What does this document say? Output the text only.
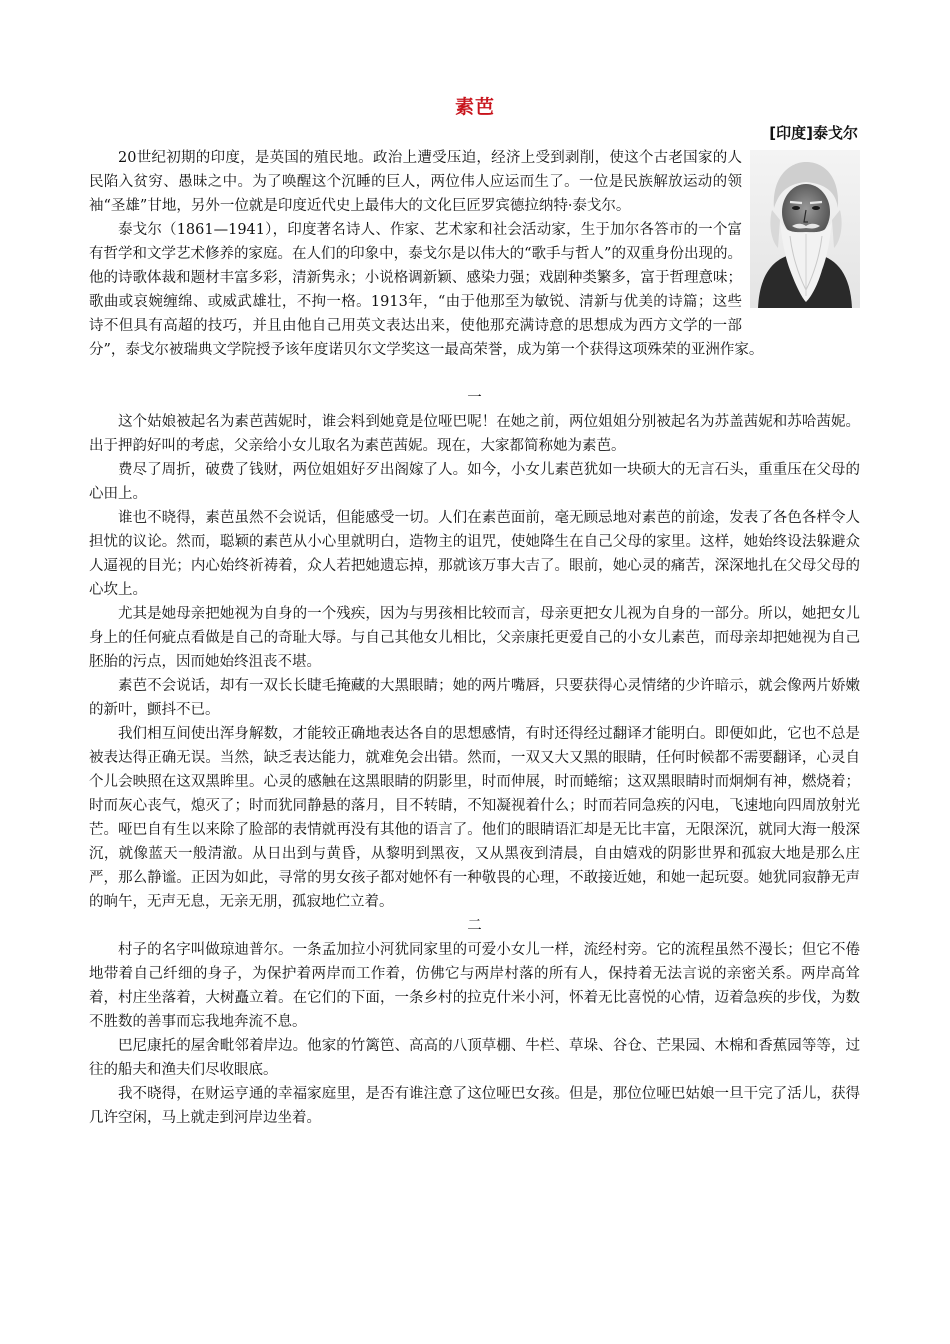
素芭
[印度]泰戈尔

20世纪初期的印度，是英国的殖民地。政治上遭受压迫，经济上受到剥削，使这个古老国家的人民陷入贫穷、愚昧之中。为了唤醒这个沉睡的巨人，两位伟人应运而生了。一位是民族解放运动的领袖“圣雄”甘地，另外一位就是印度近代史上最伟大的文化巨匠罗宾德拉纳特·泰戈尔。

泰戈尔（1861—1941），印度著名诗人、作家、艺术家和社会活动家，生于加尔各答市的一个富有哲学和文学艺术修养的家庭。在人们的印象中，泰戈尔是以伟大的“歌手与哲人”的双重身份出现的。他的诗歌体裁和题材丰富多彩，清新隽永；小说格调新颖、感染力强；戏剧种类繁多，富于哲理意味；歌曲或哀婉缠绵、或威武雄壮，不拘一格。1913年，“由于他那至为敏锐、清新与优美的诗篇；这些诗不但具有高超的技巧，并且由他自己用英文表达出来，使他那充满诗意的思想成为西方文学的一部分”，泰戈尔被瑞典文学院授予该年度诺贝尔文学奖这一最高荣誉，成为第一个获得这项殊荣的亚洲作家。

一

这个姑娘被起名为素芭茜妮时，谁会料到她竟是位哑巴呢！在她之前，两位姐姐分别被起名为苏盖茜妮和苏哈茜妮。出于押韵好叫的考虑，父亲给小女儿取名为素芭茜妮。现在，大家都简称她为素芭。

费尽了周折，破费了钱财，两位姐姐好歹出阁嫁了人。如今，小女儿素芭犹如一块硕大的无言石头，重重压在父母的心田上。

谁也不晓得，素芭虽然不会说话，但能感受一切。人们在素芭面前，毫无顾忌地对素芭的前途，发表了各色各样令人担忧的议论。然而，聪颖的素芭从小心里就明白，造物主的诅咒，使她降生在自己父母的家里。这样，她始终设法躲避众人逼视的目光；内心始终祈祷着，众人若把她遗忘掉，那就该万事大吉了。眼前，她心灵的痛苦，深深地扎在父母父母的心坎上。

尤其是她母亲把她视为自身的一个残疾，因为与男孩相比较而言，母亲更把女儿视为自身的一部分。所以，她把女儿身上的任何疵点看做是自己的奇耻大辱。与自己其他女儿相比，父亲康托更爱自己的小女儿素芭，而母亲却把她视为自己胚胎的污点，因而她始终沮丧不堪。

素芭不会说话，却有一双长长睫毛掩藏的大黑眼睛；她的两片嘴唇，只要获得心灵情绪的少许暗示，就会像两片娇嫩的新叶，颤抖不已。

我们相互间使出浑身解数，才能较正确地表达各自的思想感情，有时还得经过翻译才能明白。即便如此，它也不总是被表达得正确无误。当然，缺乏表达能力，就难免会出错。然而，一双又大又黑的眼睛，任何时候都不需要翻译，心灵自个儿会映照在这双黑眸里。心灵的感触在这黑眼睛的阴影里，时而伸展，时而蜷缩；这双黑眼睛时而炯炯有神，燃烧着；时而灰心丧气，熄灭了；时而犹同静悬的落月，目不转睛，不知凝视着什么；时而若同急疾的闪电，飞速地向四周放射光芒。哑巴自有生以来除了脸部的表情就再没有其他的语言了。他们的眼睛语汇却是无比丰富，无限深沉，就同大海一般深沉，就像蓝天一般清澈。从日出到与黄昏，从黎明到黑夜，又从黑夜到清晨，自由嬉戏的阴影世界和孤寂大地是那么庄严，那么静谧。正因为如此，寻常的男女孩子都对她怀有一种敬畏的心理，不敢接近她，和她一起玩耍。她犹同寂静无声的晌午，无声无息，无亲无朋，孤寂地伫立着。

二

村子的名字叫做琼迪普尔。一条孟加拉小河犹同家里的可爱小女儿一样，流经村旁。它的流程虽然不漫长；但它不倦地带着自己纤细的身子，为保护着两岸而工作着，仿佛它与两岸村落的所有人，保持着无法言说的亲密关系。两岸高耸着，村庄坐落着，大树矗立着。在它们的下面，一条乡村的拉克什米小河，怀着无比喜悦的心情，迈着急疾的步伐，为数不胜数的善事而忘我地奔流不息。

巴尼康托的屋舍毗邻着岸边。他家的竹篱笆、高高的八顶草棚、牛栏、草垛、谷仓、芒果园、木棉和香蕉园等等，过往的船夫和渔夫们尽收眼底。

我不晓得，在财运亨通的幸福家庭里，是否有谁注意了这位哑巴女孩。但是，那位位哑巴姑娘一旦干完了活儿，获得几许空闲，马上就走到河岸边坐着。
